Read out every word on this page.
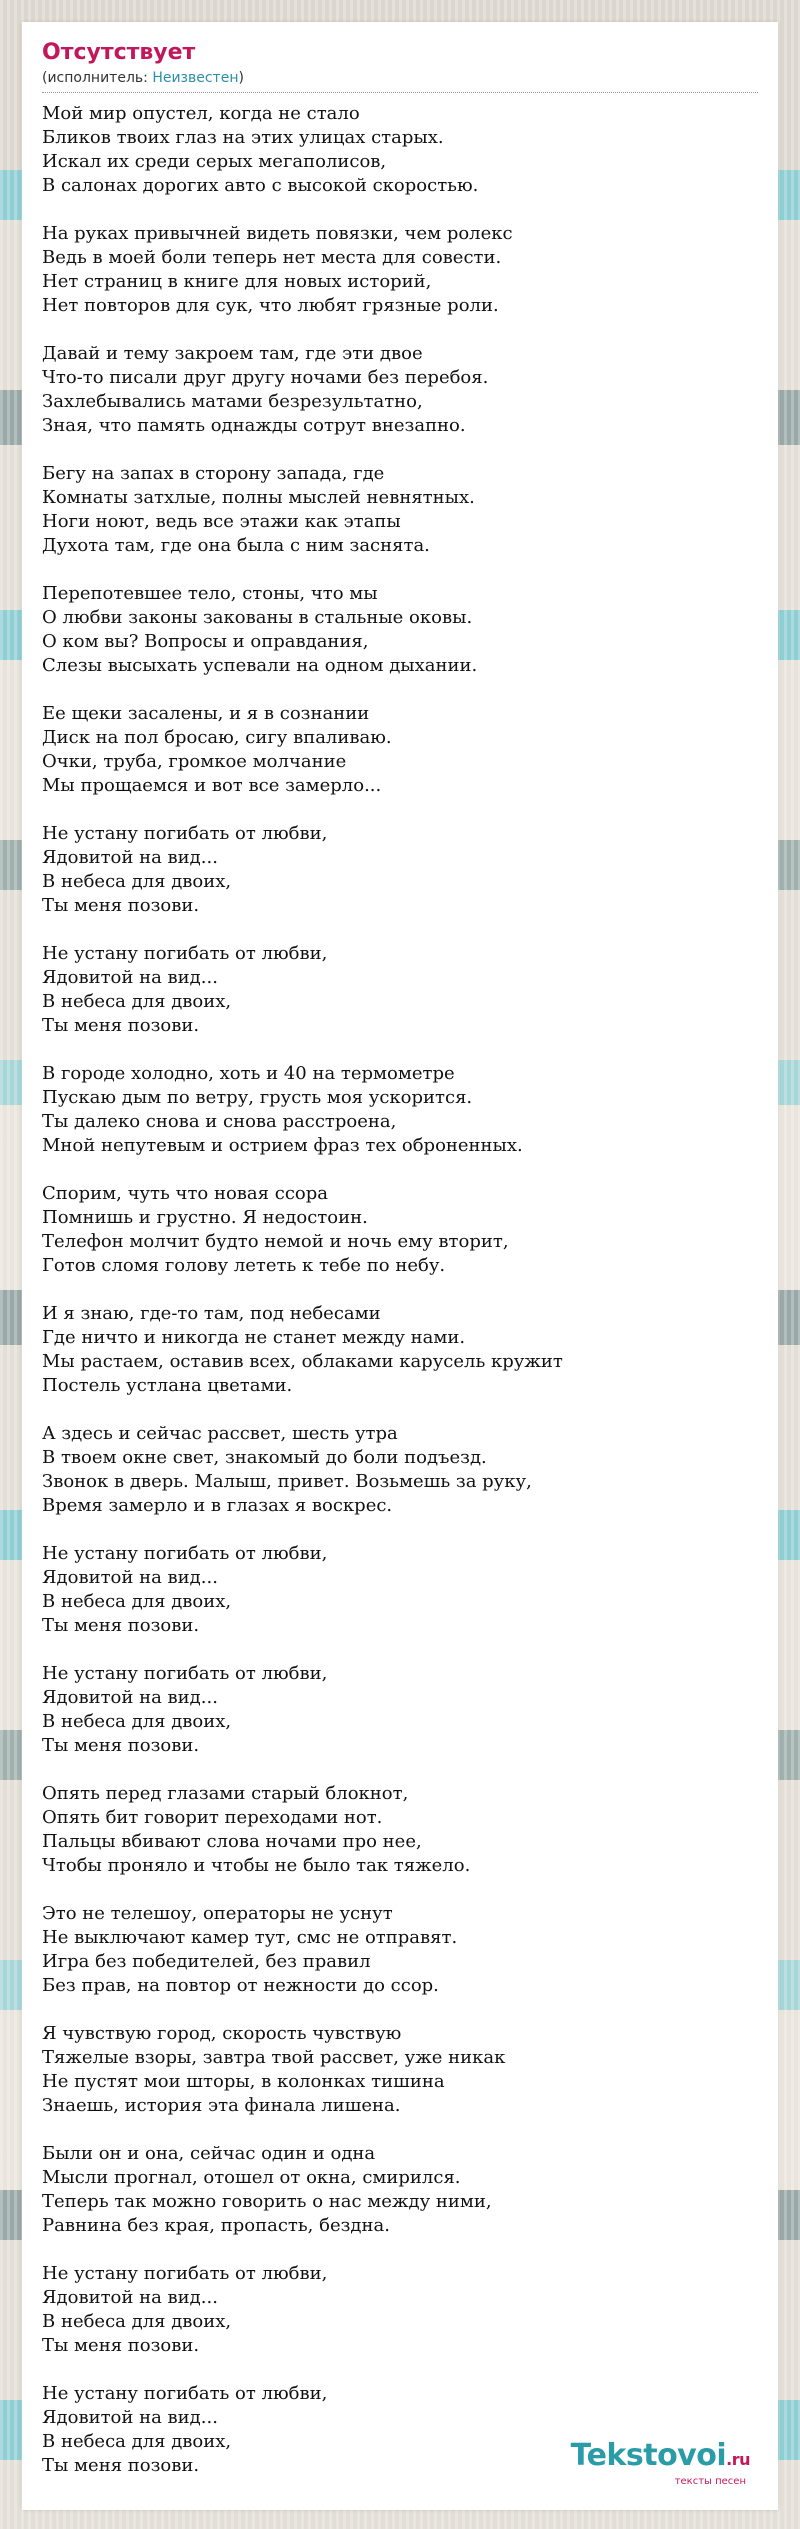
Отсутствует
(исполнитель: Неизвестен)
Мой мир опустел, когда не стало
Бликов твоих глаз на этих улицах старых.
Искал их среди серых мегаполисов,
В салонах дорогих авто с высокой скоростью.
На руках привычней видеть повязки, чем ролекс
Ведь в моей боли теперь нет места для совести.
Нет страниц в книге для новых историй,
Нет повторов для сук, что любят грязные роли.
Давай и тему закроем там, где эти двое
Что-то писали друг другу ночами без перебоя.
Захлебывались матами безрезультатно,
Зная, что память однажды сотрут внезапно.
Бегу на запах в сторону запада, где
Комнаты затхлые, полны мыслей невнятных.
Ноги ноют, ведь все этажи как этапы
Духота там, где она была с ним заснята.
Перепотевшее тело, стоны, что мы
О любви законы закованы в стальные оковы.
О ком вы? Вопросы и оправдания,
Слезы высыхать успевали на одном дыхании.
Ее щеки засалены, и я в сознании
Диск на пол бросаю, сигу впаливаю.
Очки, труба, громкое молчание
Мы прощаемся и вот все замерло...
Не устану погибать от любви,
Ядовитой на вид...
В небеса для двоих,
Ты меня позови.
Не устану погибать от любви,
Ядовитой на вид...
В небеса для двоих,
Ты меня позови.
В городе холодно, хоть и 40 на термометре
Пускаю дым по ветру, грусть моя ускорится.
Ты далеко снова и снова расстроена,
Мной непутевым и острием фраз тех оброненных.
Спорим, чуть что новая ссора
Помнишь и грустно. Я недостоин.
Телефон молчит будто немой и ночь ему вторит,
Готов сломя голову лететь к тебе по небу.
И я знаю, где-то там, под небесами
Где ничто и никогда не станет между нами.
Мы растаем, оставив всех, облаками карусель кружит
Постель устлана цветами.
А здесь и сейчас рассвет, шесть утра
В твоем окне свет, знакомый до боли подъезд.
Звонок в дверь. Малыш, привет. Возьмешь за руку,
Время замерло и в глазах я воскрес.
Не устану погибать от любви,
Ядовитой на вид...
В небеса для двоих,
Ты меня позови.
Не устану погибать от любви,
Ядовитой на вид...
В небеса для двоих,
Ты меня позови.
Опять перед глазами старый блокнот,
Опять бит говорит переходами нот.
Пальцы вбивают слова ночами про нее,
Чтобы проняло и чтобы не было так тяжело.
Это не телешоу, операторы не уснут
Не выключают камер тут, смс не отправят.
Игра без победителей, без правил
Без прав, на повтор от нежности до ссор.
Я чувствую город, скорость чувствую
Тяжелые взоры, завтра твой рассвет, уже никак
Не пустят мои шторы, в колонках тишина
Знаешь, история эта финала лишена.
Были он и она, сейчас один и одна
Мысли прогнал, отошел от окна, смирился.
Теперь так можно говорить о нас между ними,
Равнина без края, пропасть, бездна.
Не устану погибать от любви,
Ядовитой на вид...
В небеса для двоих,
Ты меня позови.
Не устану погибать от любви,
Ядовитой на вид...
В небеса для двоих,
Ты меня позови.	Tekstovoi.ru
тексты песен
